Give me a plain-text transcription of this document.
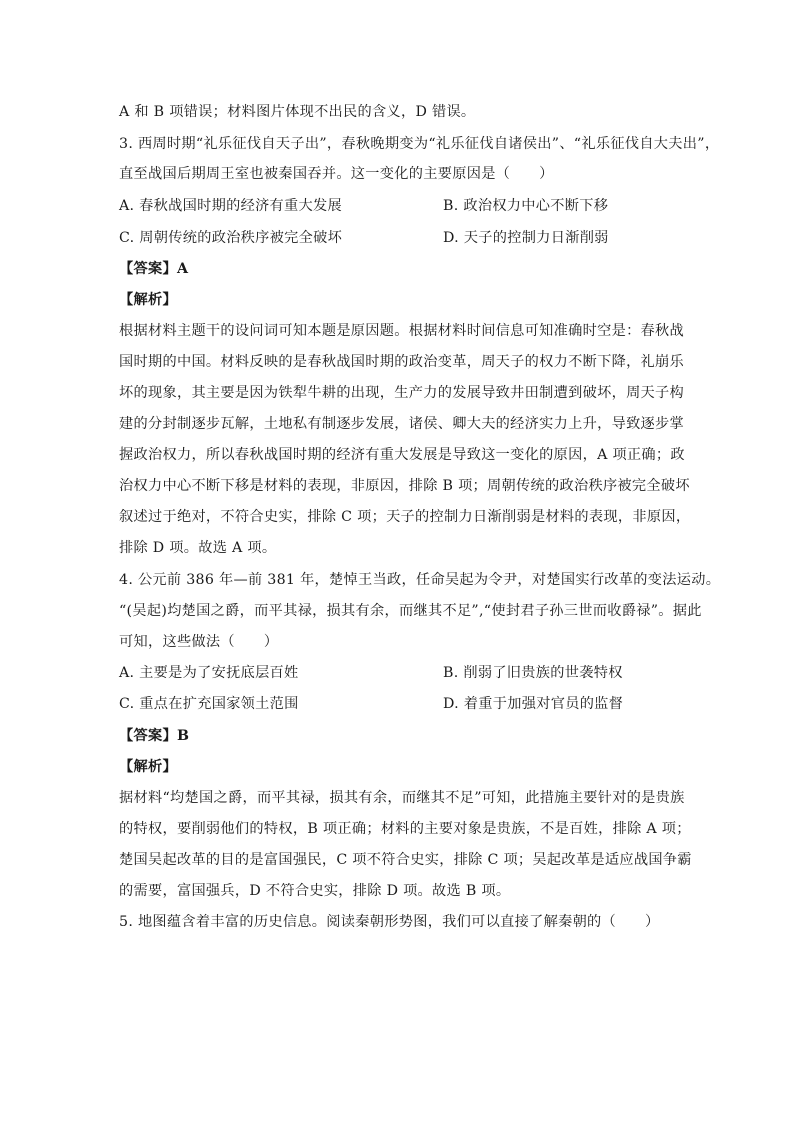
A 和 B 项错误；材料图片体现不出民的含义，D 错误。
3. 西周时期“礼乐征伐自天子出”，春秋晚期变为“礼乐征伐自诸侯出”、“礼乐征伐自大夫出”，
直至战国后期周王室也被秦国吞并。这一变化的主要原因是（　　）
A. 春秋战国时期的经济有重大发展	B. 政治权力中心不断下移
C. 周朝传统的政治秩序被完全破坏	D. 天子的控制力日渐削弱
【答案】A
【解析】
根据材料主题干的设问词可知本题是原因题。根据材料时间信息可知准确时空是：春秋战
国时期的中国。材料反映的是春秋战国时期的政治变革，周天子的权力不断下降，礼崩乐
坏的现象，其主要是因为铁犁牛耕的出现，生产力的发展导致井田制遭到破坏，周天子构
建的分封制逐步瓦解，土地私有制逐步发展，诸侯、卿大夫的经济实力上升，导致逐步掌
握政治权力，所以春秋战国时期的经济有重大发展是导致这一变化的原因，A 项正确；政
治权力中心不断下移是材料的表现，非原因，排除 B 项；周朝传统的政治秩序被完全破坏
叙述过于绝对，不符合史实，排除 C 项；天子的控制力日渐削弱是材料的表现，非原因，
排除 D 项。故选 A 项。
4. 公元前 386 年—前 381 年，楚悼王当政，任命吴起为令尹，对楚国实行改革的变法运动。
“(吴起)均楚国之爵，而平其禄，损其有余，而继其不足”,“使封君子孙三世而收爵禄”。据此
可知，这些做法（　　）
A. 主要是为了安抚底层百姓	B. 削弱了旧贵族的世袭特权
C. 重点在扩充国家领土范围	D. 着重于加强对官员的监督
【答案】B
【解析】
据材料“均楚国之爵，而平其禄，损其有余，而继其不足”可知，此措施主要针对的是贵族
的特权，要削弱他们的特权，B 项正确；材料的主要对象是贵族，不是百姓，排除 A 项；
楚国吴起改革的目的是富国强民，C 项不符合史实，排除 C 项；吴起改革是适应战国争霸
的需要，富国强兵，D 不符合史实，排除 D 项。故选 B 项。
5. 地图蕴含着丰富的历史信息。阅读秦朝形势图，我们可以直接了解秦朝的（　　）
